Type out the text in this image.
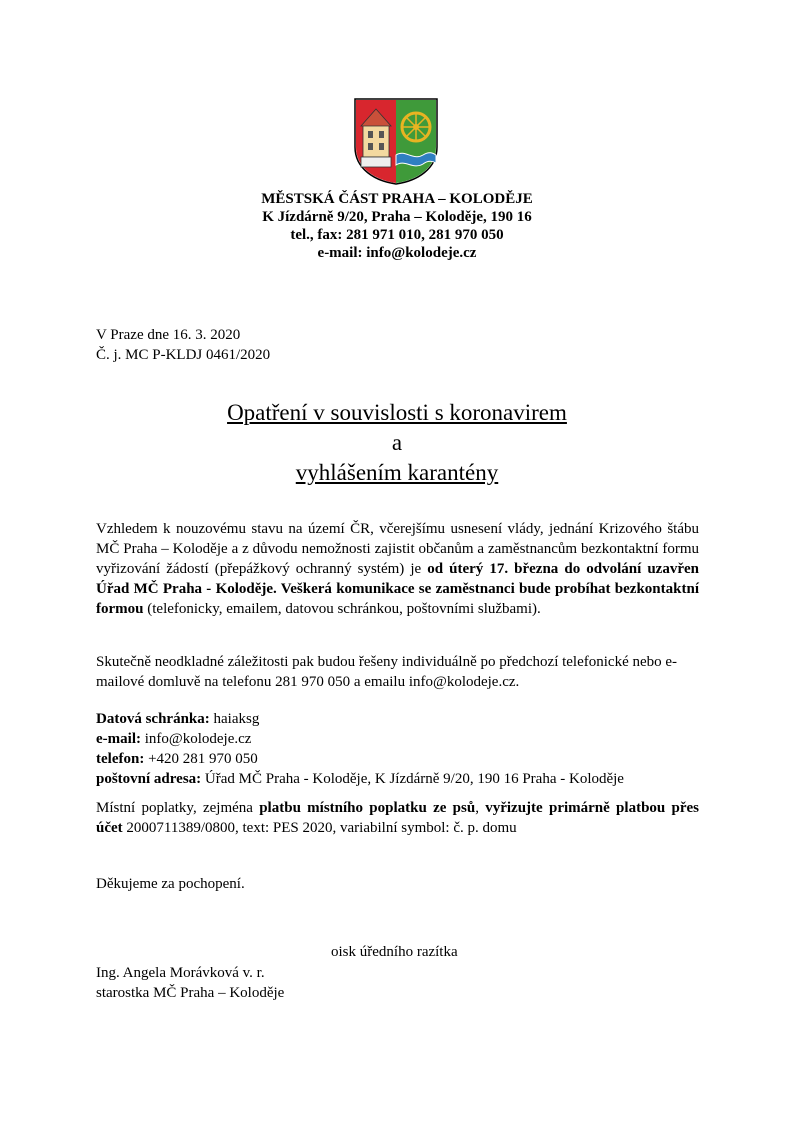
MĚSTSKÁ ČÁST PRAHA – KOLODĚJE
K Jízdárně 9/20, Praha – Koloděje, 190 16
tel., fax: 281 971 010, 281 970 050
e-mail: info@kolodeje.cz
V Praze dne 16. 3. 2020
Č. j. MC P-KLDJ 0461/2020
Opatření v souvislosti s koronavirem
a
vyhlášením karantény

Vzhledem k nouzovému stavu na území ČR, včerejšímu usnesení vlády, jednání Krizového štábu MČ Praha – Koloděje a z důvodu nemožnosti zajistit občanům a zaměstnancům bezkontaktní formu vyřizování žádostí (přepážkový ochranný systém) je od úterý 17. března do odvolání uzavřen Úřad MČ Praha - Koloděje. Veškerá komunikace se zaměstnanci bude probíhat bezkontaktní formou (telefonicky, emailem, datovou schránkou, poštovními službami).

Skutečně neodkladné záležitosti pak budou řešeny individuálně po předchozí telefonické nebo e-mailové domluvě na telefonu 281 970 050 a emailu info@kolodeje.cz.

Datová schránka: haiaksg
e-mail: info@kolodeje.cz
telefon: +420 281 970 050
poštovní adresa: Úřad MČ Praha - Koloděje, K Jízdárně 9/20, 190 16 Praha - Koloděje

Místní poplatky, zejména platbu místního poplatku ze psů, vyřizujte primárně platbou přes účet 2000711389/0800, text: PES 2020, variabilní symbol: č. p. domu

Děkujeme za pochopení.

oisk úředního razítka
Ing. Angela Morávková v. r.
starostka MČ Praha – Koloděje
